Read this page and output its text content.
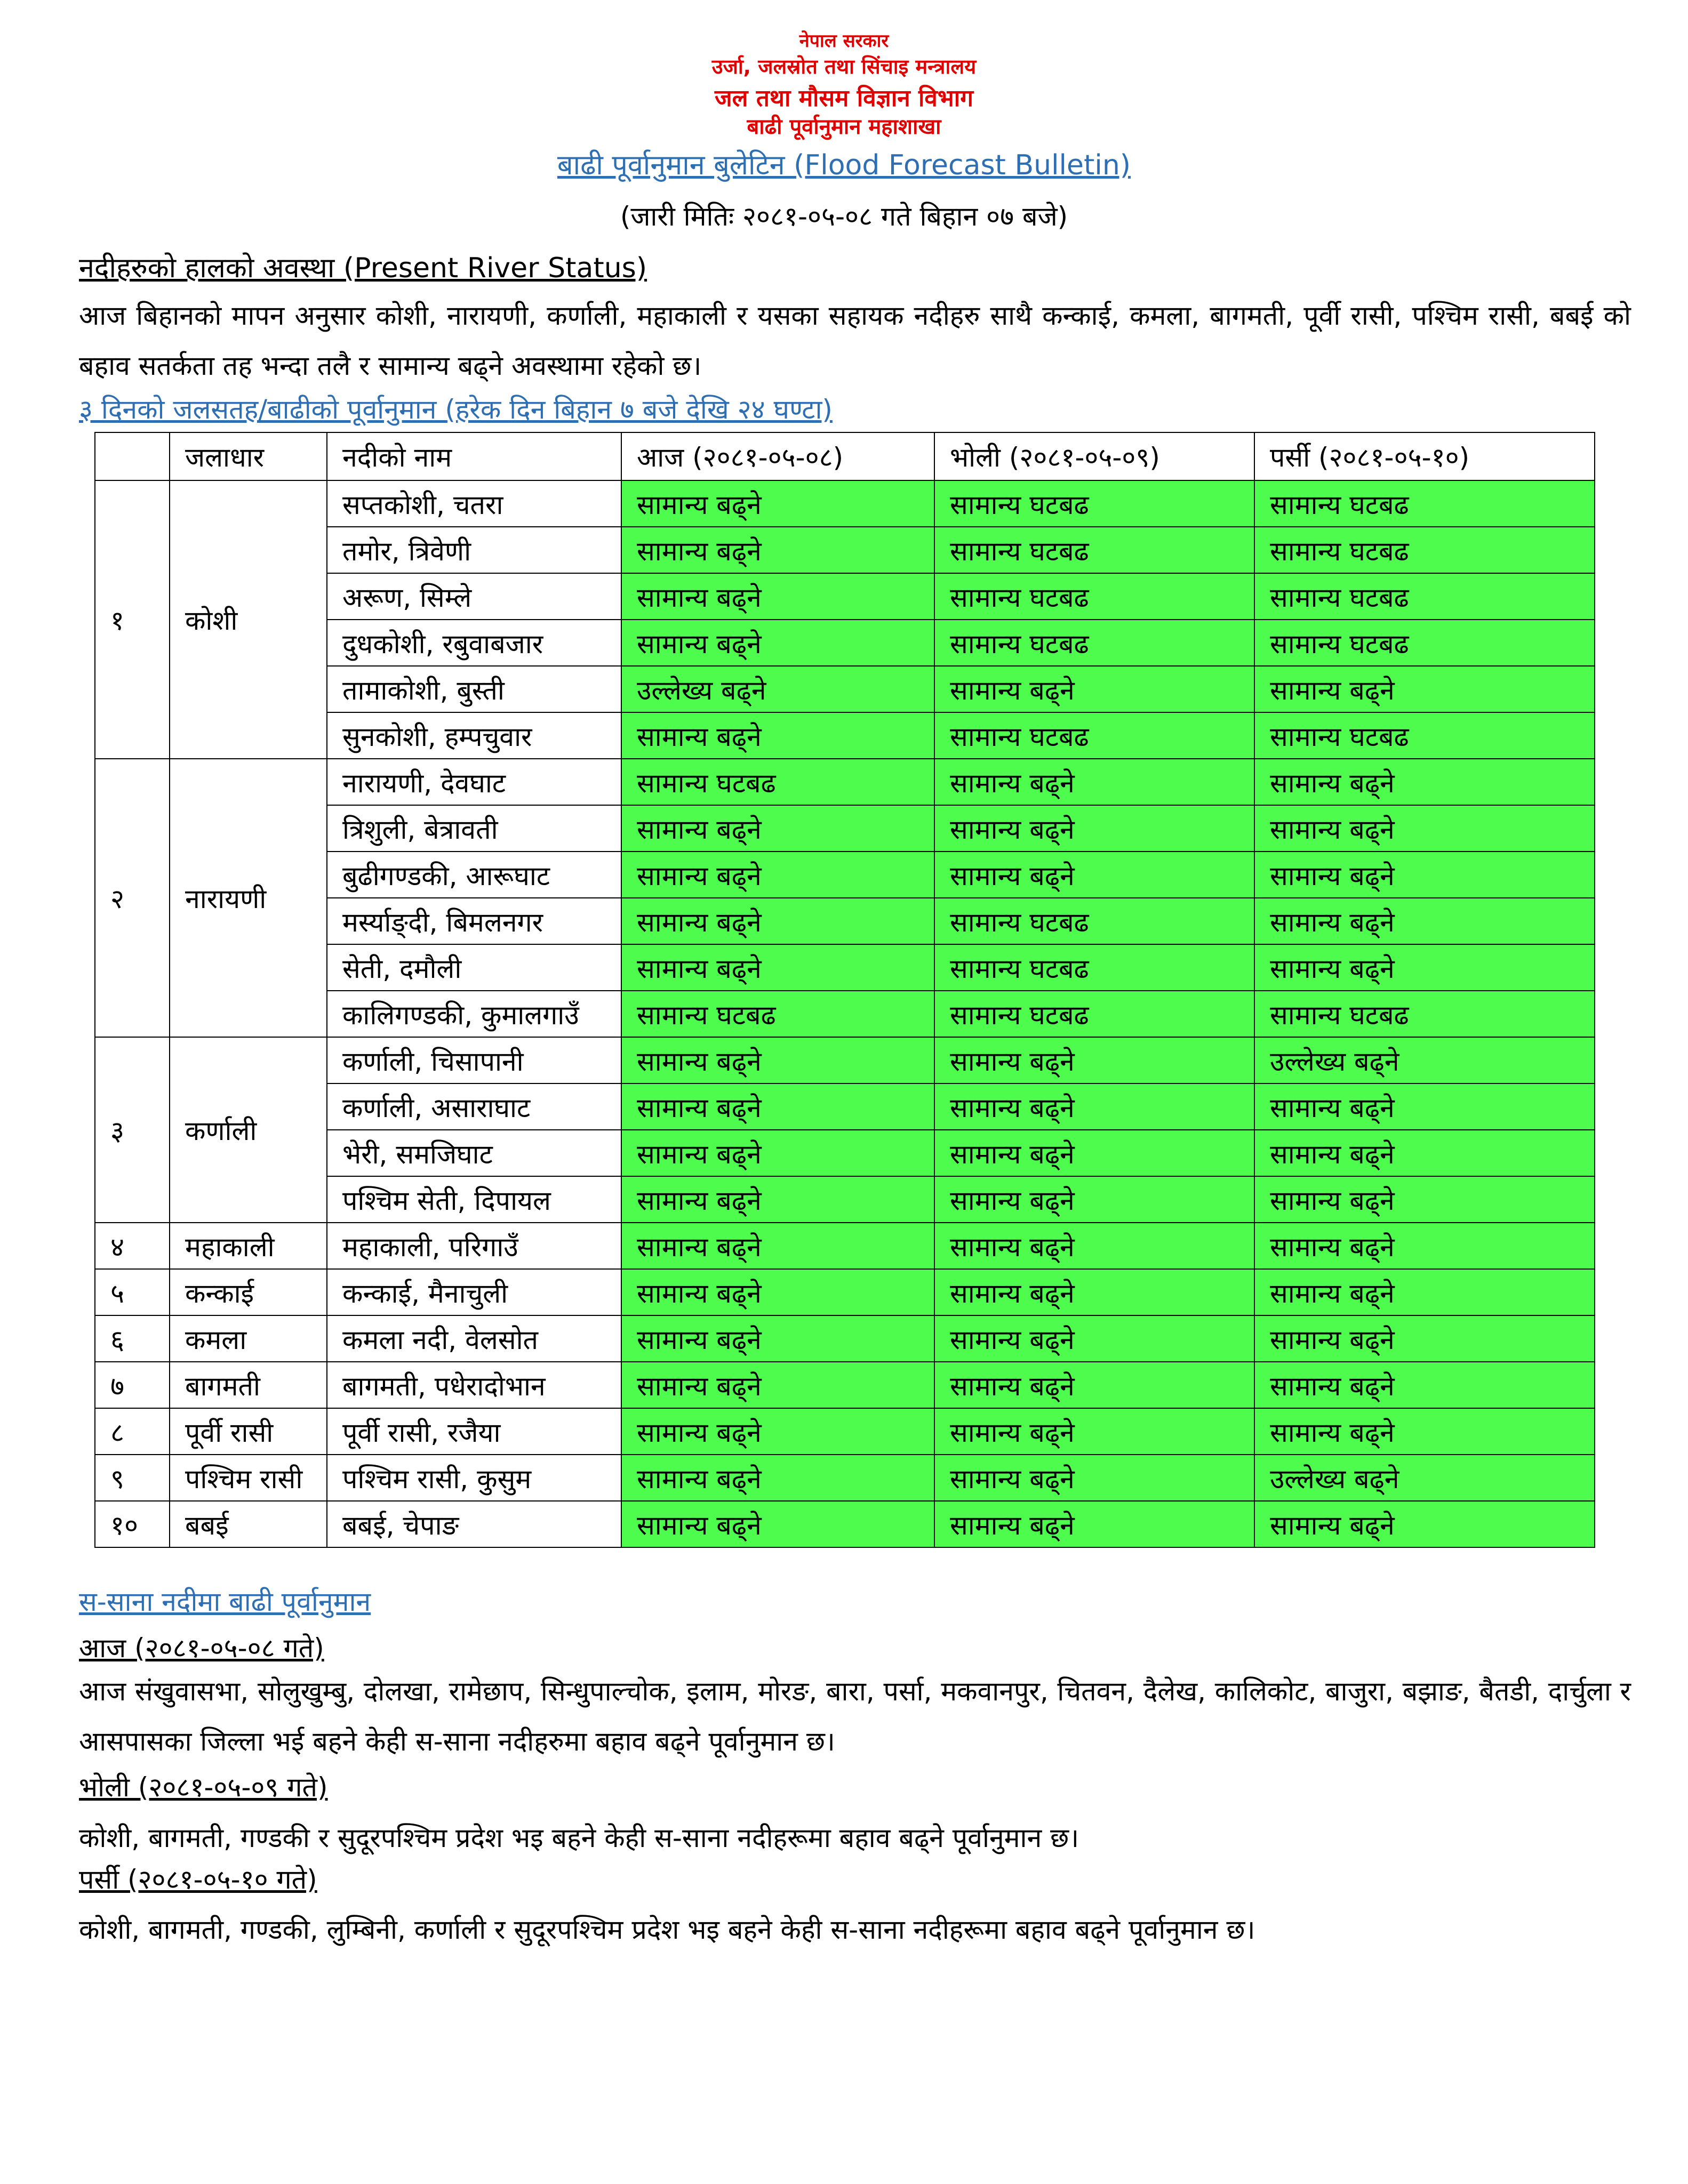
नेपाल सरकार
उर्जा, जलस्रोत तथा सिंचाइ मन्त्रालय
जल तथा मौसम विज्ञान विभाग
बाढी पूर्वानुमान महाशाखा
बाढी पूर्वानुमान बुलेटिन (Flood Forecast Bulletin)
(जारी मितिः २०८१-०५-०८ गते बिहान ०७ बजे)
नदीहरुको हालको अवस्था (Present River Status)
आज बिहानको मापन अनुसार कोशी, नारायणी, कर्णाली, महाकाली र यसका सहायक नदीहरु साथै कन्काई, कमला, बागमती, पूर्वी रासी, पश्चिम रासी, बबई को बहाव सतर्कता तह भन्दा तलै र सामान्य बढ्ने अवस्थामा रहेको छ।
३ दिनको जलसतह/बाढीको पूर्वानुमान (हरेक दिन बिहान ७ बजे देखि २४ घण्टा)
	जलाधार	नदीको नाम	आज (२०८१-०५-०८)	भोली (२०८१-०५-०९)	पर्सी (२०८१-०५-१०)
१	कोशी	सप्तकोशी, चतरा	सामान्य बढ्ने	सामान्य घटबढ	सामान्य घटबढ
		तमोर, त्रिवेणी	सामान्य बढ्ने	सामान्य घटबढ	सामान्य घटबढ
		अरूण, सिम्ले	सामान्य बढ्ने	सामान्य घटबढ	सामान्य घटबढ
		दुधकोशी, रबुवाबजार	सामान्य बढ्ने	सामान्य घटबढ	सामान्य घटबढ
		तामाकोशी, बुस्ती	उल्लेख्य बढ्ने	सामान्य बढ्ने	सामान्य बढ्ने
		सुनकोशी, हम्पचुवार	सामान्य बढ्ने	सामान्य घटबढ	सामान्य घटबढ
२	नारायणी	नारायणी, देवघाट	सामान्य घटबढ	सामान्य बढ्ने	सामान्य बढ्ने
		त्रिशुली, बेत्रावती	सामान्य बढ्ने	सामान्य बढ्ने	सामान्य बढ्ने
		बुढीगण्डकी, आरूघाट	सामान्य बढ्ने	सामान्य बढ्ने	सामान्य बढ्ने
		मर्स्याङ्दी, बिमलनगर	सामान्य बढ्ने	सामान्य घटबढ	सामान्य बढ्ने
		सेती, दमौली	सामान्य बढ्ने	सामान्य घटबढ	सामान्य बढ्ने
		कालिगण्डकी, कुमालगाउँ	सामान्य घटबढ	सामान्य घटबढ	सामान्य घटबढ
३	कर्णाली	कर्णाली, चिसापानी	सामान्य बढ्ने	सामान्य बढ्ने	उल्लेख्य बढ्ने
		कर्णाली, असाराघाट	सामान्य बढ्ने	सामान्य बढ्ने	सामान्य बढ्ने
		भेरी, समजिघाट	सामान्य बढ्ने	सामान्य बढ्ने	सामान्य बढ्ने
		पश्चिम सेती, दिपायल	सामान्य बढ्ने	सामान्य बढ्ने	सामान्य बढ्ने
४	महाकाली	महाकाली, परिगाउँ	सामान्य बढ्ने	सामान्य बढ्ने	सामान्य बढ्ने
५	कन्काई	कन्काई, मैनाचुली	सामान्य बढ्ने	सामान्य बढ्ने	सामान्य बढ्ने
६	कमला	कमला नदी, वेलसोत	सामान्य बढ्ने	सामान्य बढ्ने	सामान्य बढ्ने
७	बागमती	बागमती, पधेरादोभान	सामान्य बढ्ने	सामान्य बढ्ने	सामान्य बढ्ने
८	पूर्वी रासी	पूर्वी रासी, रजैया	सामान्य बढ्ने	सामान्य बढ्ने	सामान्य बढ्ने
९	पश्चिम रासी	पश्चिम रासी, कुसुम	सामान्य बढ्ने	सामान्य बढ्ने	उल्लेख्य बढ्ने
१०	बबई	बबई, चेपाङ	सामान्य बढ्ने	सामान्य बढ्ने	सामान्य बढ्ने
स-साना नदीमा बाढी पूर्वानुमान
आज (२०८१-०५-०८ गते)
आज संखुवासभा, सोलुखुम्बु, दोलखा, रामेछाप, सिन्धुपाल्चोक, इलाम, मोरङ, बारा, पर्सा, मकवानपुर, चितवन, दैलेख, कालिकोट, बाजुरा, बझाङ, बैतडी, दार्चुला र आसपासका जिल्ला भई बहने केही स-साना नदीहरुमा बहाव बढ्ने पूर्वानुमान छ।
भोली (२०८१-०५-०९ गते)
कोशी, बागमती, गण्डकी र सुदूरपश्चिम प्रदेश भइ बहने केही स-साना नदीहरूमा बहाव बढ्ने पूर्वानुमान छ।
पर्सी (२०८१-०५-१० गते)
कोशी, बागमती, गण्डकी, लुम्बिनी, कर्णाली र सुदूरपश्चिम प्रदेश भइ बहने केही स-साना नदीहरूमा बहाव बढ्ने पूर्वानुमान छ।
